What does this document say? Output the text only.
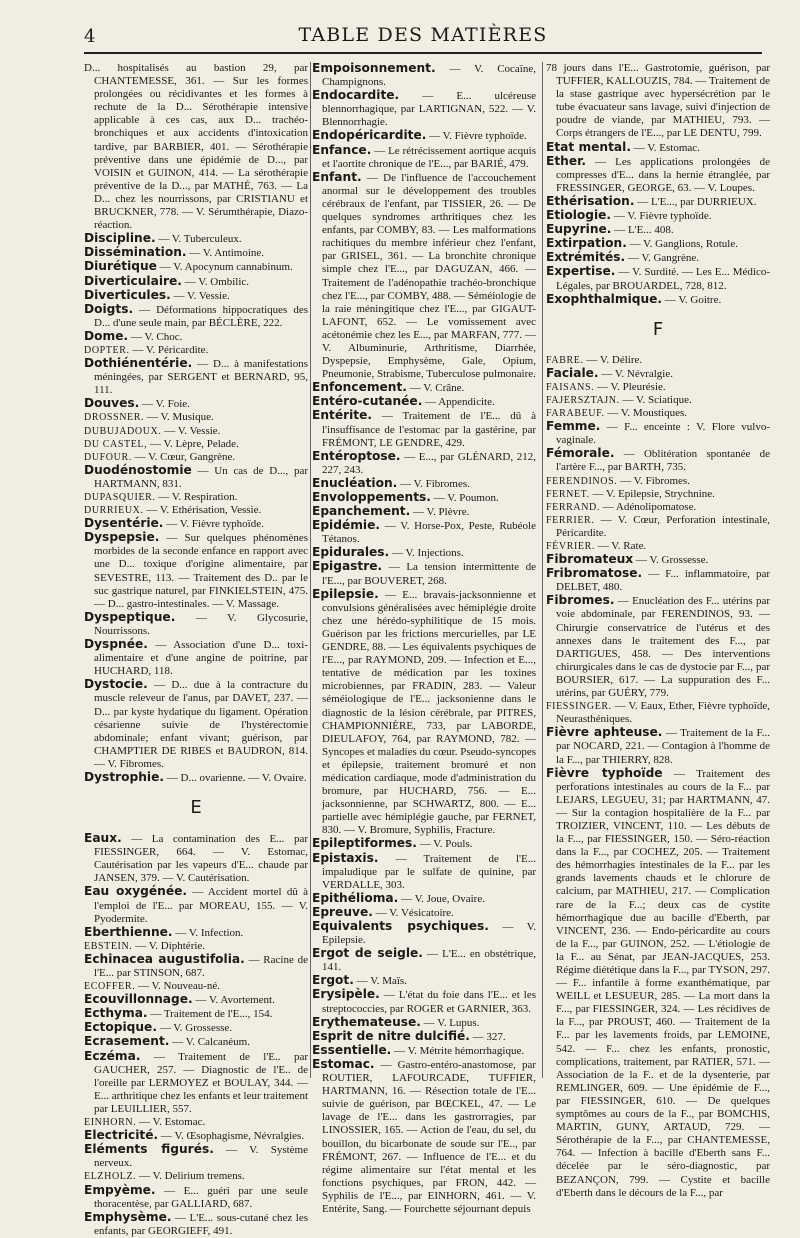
4	TABLE DES MATIÈRES

D... hospitalisés au bastion 29, par CHANTEMESSE, 361. — Sur les formes prolongées ou récidivantes et les formes à rechute de la D... Sérothérapie intensive applicable à ces cas, aux D... trachéo-bronchiques et aux accidents d'intoxication tardive, par BARBIER, 401. — Sérothérapie préventive dans une épidémie de D..., par VOISIN et GUINON, 414. — La sérothérapie préventive de la D..., par MATHÉ, 763. — La D... chez les nourrissons, par CRISTIANU et BRUCKNER, 778. — V. Sérumthérapie, Diazo-réaction.

Discipline. — V. Tuberculeux.

Dissémination. — V. Antimoine.

Diurétique — V. Apocynum cannabinum.

Diverticulaire. — V. Ombilic.

Diverticules. — V. Vessie.

Doigts. — Déformations hippocratiques des D... d'une seule main, par BÉCLÈRE, 222.

Dome. — V. Choc.

DOPTER. — V. Péricardite.

Dothiénentérie. — D... à manifestations méningées, par SERGENT et BERNARD, 95, 111.

Douves. — V. Foie.

DROSSNER. — V. Musique.

DUBUJADOUX. — V. Vessie.

DU CASTEL, — V. Lèpre, Pelade.

DUFOUR. — V. Cœur, Gangrène.

Duodénostomie — Un cas de D..., par HARTMANN, 831.

DUPASQUIER. — V. Respiration.

DURRIEUX. — V. Ethérisation, Vessie.

Dysentérie. — V. Fièvre typhoïde.

Dyspepsie. — Sur quelques phénomènes morbides de la seconde enfance en rapport avec une D... toxique d'origine alimentaire, par SEVESTRE, 113. — Traitement des D.. par le suc gastrique naturel, par FINKIELSTEIN, 475. — D... gastro-intestinales. — V. Massage.

Dyspeptique. — V. Glycosurie, Nourrissons.

Dyspnée. — Association d'une D... toxi-alimentaire et d'une angine de poitrine, par HUCHARD, 118.

Dystocie. — D... due à la contracture du muscle releveur de l'anus, par DAVET, 237. — D... par kyste hydatique du ligament. Opération césarienne suivie de l'hystérectomie abdominale; enfant vivant; guérison, par CHAMPTIER DE RIBES et BAUDRON, 814. — V. Fibromes.

Dystrophie. — D... ovarienne. — V. Ovaire.

E

Eaux. — La contamination des E... par FIESSINGER, 664. — V. Estomac, Cautérisation par les vapeurs d'E... chaude par JANSEN, 379. — V. Cautérisation.

Eau oxygénée. — Accident mortel dû à l'emploi de l'E... par MOREAU, 155. — V. Pyodermite.

Eberthienne. — V. Infection.

EBSTEIN. — V. Diphtérie.

Echinacea augustifolia. — Racine de l'E... par STINSON, 687.

ECOFFER. — V. Nouveau-né.

Ecouvillonnage. — V. Avortement.

Ecthyma. — Traitement de l'E..., 154.

Ectopique. — V. Grossesse.

Ecrasement. — V. Calcanéum.

Eczéma. — Traitement de l'E.. par GAUCHER, 257. — Diagnostic de l'E.. de l'oreille par LERMOYEZ et BOULAY, 344. — E... arthritique chez les enfants et leur traitement par LEUILLIER, 557.

EINHORN. — V. Estomac.

Electricité. — V. Œsophagisme, Névralgies.

Eléments figurés. — V. Système nerveux.

ELZHOLZ. — V. Delirium tremens.

Empyème. — E... guéri par une seule thoracentèse, par GALLIARD, 687.

Emphysème. — L'E... sous-cutané chez les enfants, par GEORGIEFF, 491.

Empoisonnement. — V. Cocaïne, Champignons.

Endocardite. — E... ulcéreuse blennorrhagique, par LARTIGNAN, 522. — V. Blennorrhagie.

Endopéricardite. — V. Fièvre typhoïde.

Enfance. — Le rétrécissement aortique acquis et l'aortite chronique de l'E..., par BARIÉ, 479.

Enfant. — De l'influence de l'accouchement anormal sur le développement des troubles cérébraux de l'enfant, par TISSIER, 26. — De quelques syndromes arthritiques chez les enfants, par COMBY, 83. — Les malformations rachitiques du membre inférieur chez l'enfant, par GRISEL, 361. — La bronchite chronique simple chez l'E..., par DAGUZAN, 466. — Traitement de l'adénopathie trachéo-bronchique chez l'E..., par COMBY, 488. — Séméiologie de la raie méningitique chez l'E..., par GIGAUT-LAFONT, 652. — Le vomissement avec acétonémie chez les E..., par MARFAN, 777. — V. Albuminurie, Arthritisme, Diarrhée, Dyspepsie, Emphysème, Gale, Opium, Pneumonie, Strabisme, Tuberculose pulmonaire.

Enfoncement. — V. Crâne.

Entéro-cutanée. — Appendicite.

Entérite. — Traitement de l'E... dû à l'insuffisance de l'estomac par la gastérine, par FRÉMONT, LE GENDRE, 429.

Entéroptose. — E..., par GLÉNARD, 212, 227, 243.

Enucléation. — V. Fibromes.

Envoloppements. — V. Poumon.

Epanchement. — V. Plèvre.

Epidémie. — V. Horse-Pox, Peste, Rubéole Tétanos.

Epidurales. — V. Injections.

Epigastre. — La tension intermittente de l'E..., par BOUVERET, 268.

Epilepsie. — E... bravais-jacksonnienne et convulsions généralisées avec hémiplégie droite chez une hérédo-syphilitique de 15 mois. Guérison par les frictions mercurielles, par LE GENDRE, 88. — Les équivalents psychiques de l'E..., par RAYMOND, 209. — Infection et E..., tentative de médication par les toxines microbiennes, par FRADIN, 283. — Valeur séméiologique de l'E... jacksonienne dans le diagnostic de la lésion cérébrale, par PITRES, CHAMPIONNIÈRE, 733, par LABORDE, DIEULAFOY, 764, par RAYMOND, 782. — Syncopes et maladies du cœur. Pseudo-syncopes et épilepsie, traitement bromuré et non médication cardiaque, mode d'administration du bromure, par HUCHARD, 756. — E... jacksonnienne, par SCHWARTZ, 800. — E... partielle avec hémiplégie gauche, par FERNET, 830. — V. Bromure, Syphilis, Fracture.

Epileptiformes. — V. Pouls.

Epistaxis. — Traitement de l'E... impaludique par le sulfate de quinine, par VERDALLE, 303.

Epithélioma. — V. Joue, Ovaire.

Epreuve. — V. Vésicatoire.

Equivalents psychiques. — V. Epilepsie.

Ergot de seigle. — L'E... en obstétrique, 141.

Ergot. — V. Maïs.

Erysipèle. — L'état du foie dans l'E... et les streptococcies, par ROGER et GARNIER, 363.

Erythemateuse. — V. Lupus.

Esprit de nitre dulcifié. — 327.

Essentielle. — V. Métrite hémorrhagique.

Estomac. — Gastro-entéro-anastomose, par ROUTIER, LAFOURCADE, TUFFIER, HARTMANN, 16. — Résection totale de l'E... suivie de guérison, par BŒCKEL, 47. — Le lavage de l'E... dans les gastrorragies, par LINOSSIER, 165. — Action de l'eau, du sel, du bouillon, du bicarbonate de soude sur l'E.., par FRÉMONT, 267. — Influence de l'E... et du régime alimentaire sur l'état mental et les fonctions psychiques, par FRON, 442. — Syphilis de l'E..., par EINHORN, 461. — V. Entérite, Sang. — Fourchette séjournant depuis

78 jours dans l'E... Gastrotomie, guérison, par TUFFIER, KALLOUZIS, 784. — Traitement de la stase gastrique avec hypersécrétion par le tube évacuateur sans lavage, suivi d'injection de poudre de viande, par MATHIEU, 793. — Corps étrangers de l'E..., par LE DENTU, 799.

Etat mental. — V. Estomac.

Ether. — Les applications prolongées de compresses d'E... dans la hernie étranglée, par FRESSINGER, GEORGE, 63. — V. Loupes.

Ethérisation. — L'E..., par DURRIEUX.

Etiologie. — V. Fièvre typhoïde.

Eupyrine. — L'E... 408.

Extirpation. — V. Ganglions, Rotule.

Extrémités. — V. Gangrène.

Expertise. — V. Surdité. — Les E... Médico-Légales, par BROUARDEL, 728, 812.

Exophthalmique. — V. Goitre.

F

FABRE. — V. Délire.

Faciale. — V. Névralgie.

FAISANS. — V. Pleurésie.

FAJERSZTAJN. — V. Sciatique.

FARABEUF. — V. Moustiques.

Femme. — F... enceinte : V. Flore vulvo-vaginale.

Fémorale. — Oblitération spontanée de l'artère F..., par BARTH, 735.

FERENDINOS. — V. Fibromes.

FERNET. — V. Epilepsie, Strychnine.

FERRAND. — Adénolipomatose.

FERRIER. — V. Cœur, Perforation intestinale, Péricardite.

FÉVRIER. — V. Rate.

Fibromateux — V. Grossesse.

Fribromatose. — F... inflammatoire, par DELBET, 480.

Fibromes. — Enucléation des F... utérins par voie abdominale, par FERENDINOS, 93. — Chirurgie conservatrice de l'utérus et des annexes dans le traitement des F..., par DARTIGUES, 458. — Des interventions chirurgicales dans le cas de dystocie par F..., par BOURSIER, 617. — La suppuration des F... utérins, par GUÉRY, 779.

FIESSINGER. — V. Eaux, Ether, Fièvre typhoïde, Neurasthéniques.

Fièvre aphteuse. — Traitement de la F... par NOCARD, 221. — Contagion à l'homme de la F..., par THIERRY, 828.

Fièvre typhoïde — Traitement des perforations intestinales au cours de la F... par LEJARS, LEGUEU, 31; par HARTMANN, 47. — Sur la contagion hospitalière de la F... par TROIZIER, VINCENT, 110. — Les débuts de la F..., par FIESSINGER, 150. — Séro-réaction dans la F..., par COCHEZ, 205. — Traitement des hémorrhagies intestinales de la F... par les grands lavements chauds et le chlorure de calcium, par MATHIEU, 217. — Complication rare de la F...; deux cas de cystite hémorrhagique due au bacille d'Eberth, par VINCENT, 236. — Endo-péricardite au cours de la F..., par GUINON, 252. — L'étiologie de la F... au Sénat, par JEAN-JACQUES, 253. Régime diététique dans la F..., par TYSON, 297. — F... infantile à forme exanthématique, par WEILL et LESUEUR, 285. — La mort dans la F..., par FIESSINGER, 324. — Les récidives de la F..., par PROUST, 460. — Traitement de la F... par les lavements froids, par LEMOINE, 542. — F... chez les enfants, pronostic, complications, traitement, par RATIER, 571. — Association de la F.. et de la dysenterie, par REMLINGER, 609. — Une épidémie de F..., par FIESSINGER, 610. — De quelques symptômes au cours de la F.., par BOMCHIS, MARTIN, GUNY, ARTAUD, 729. — Sérothérapie de la F..., par CHANTEMESSE, 764. — Infection à bacille d'Eberth sans F... décelée par le séro-diagnostic, par BEZANÇON, 799. — Cystite et bacille d'Eberth dans le décours de la F..., par
